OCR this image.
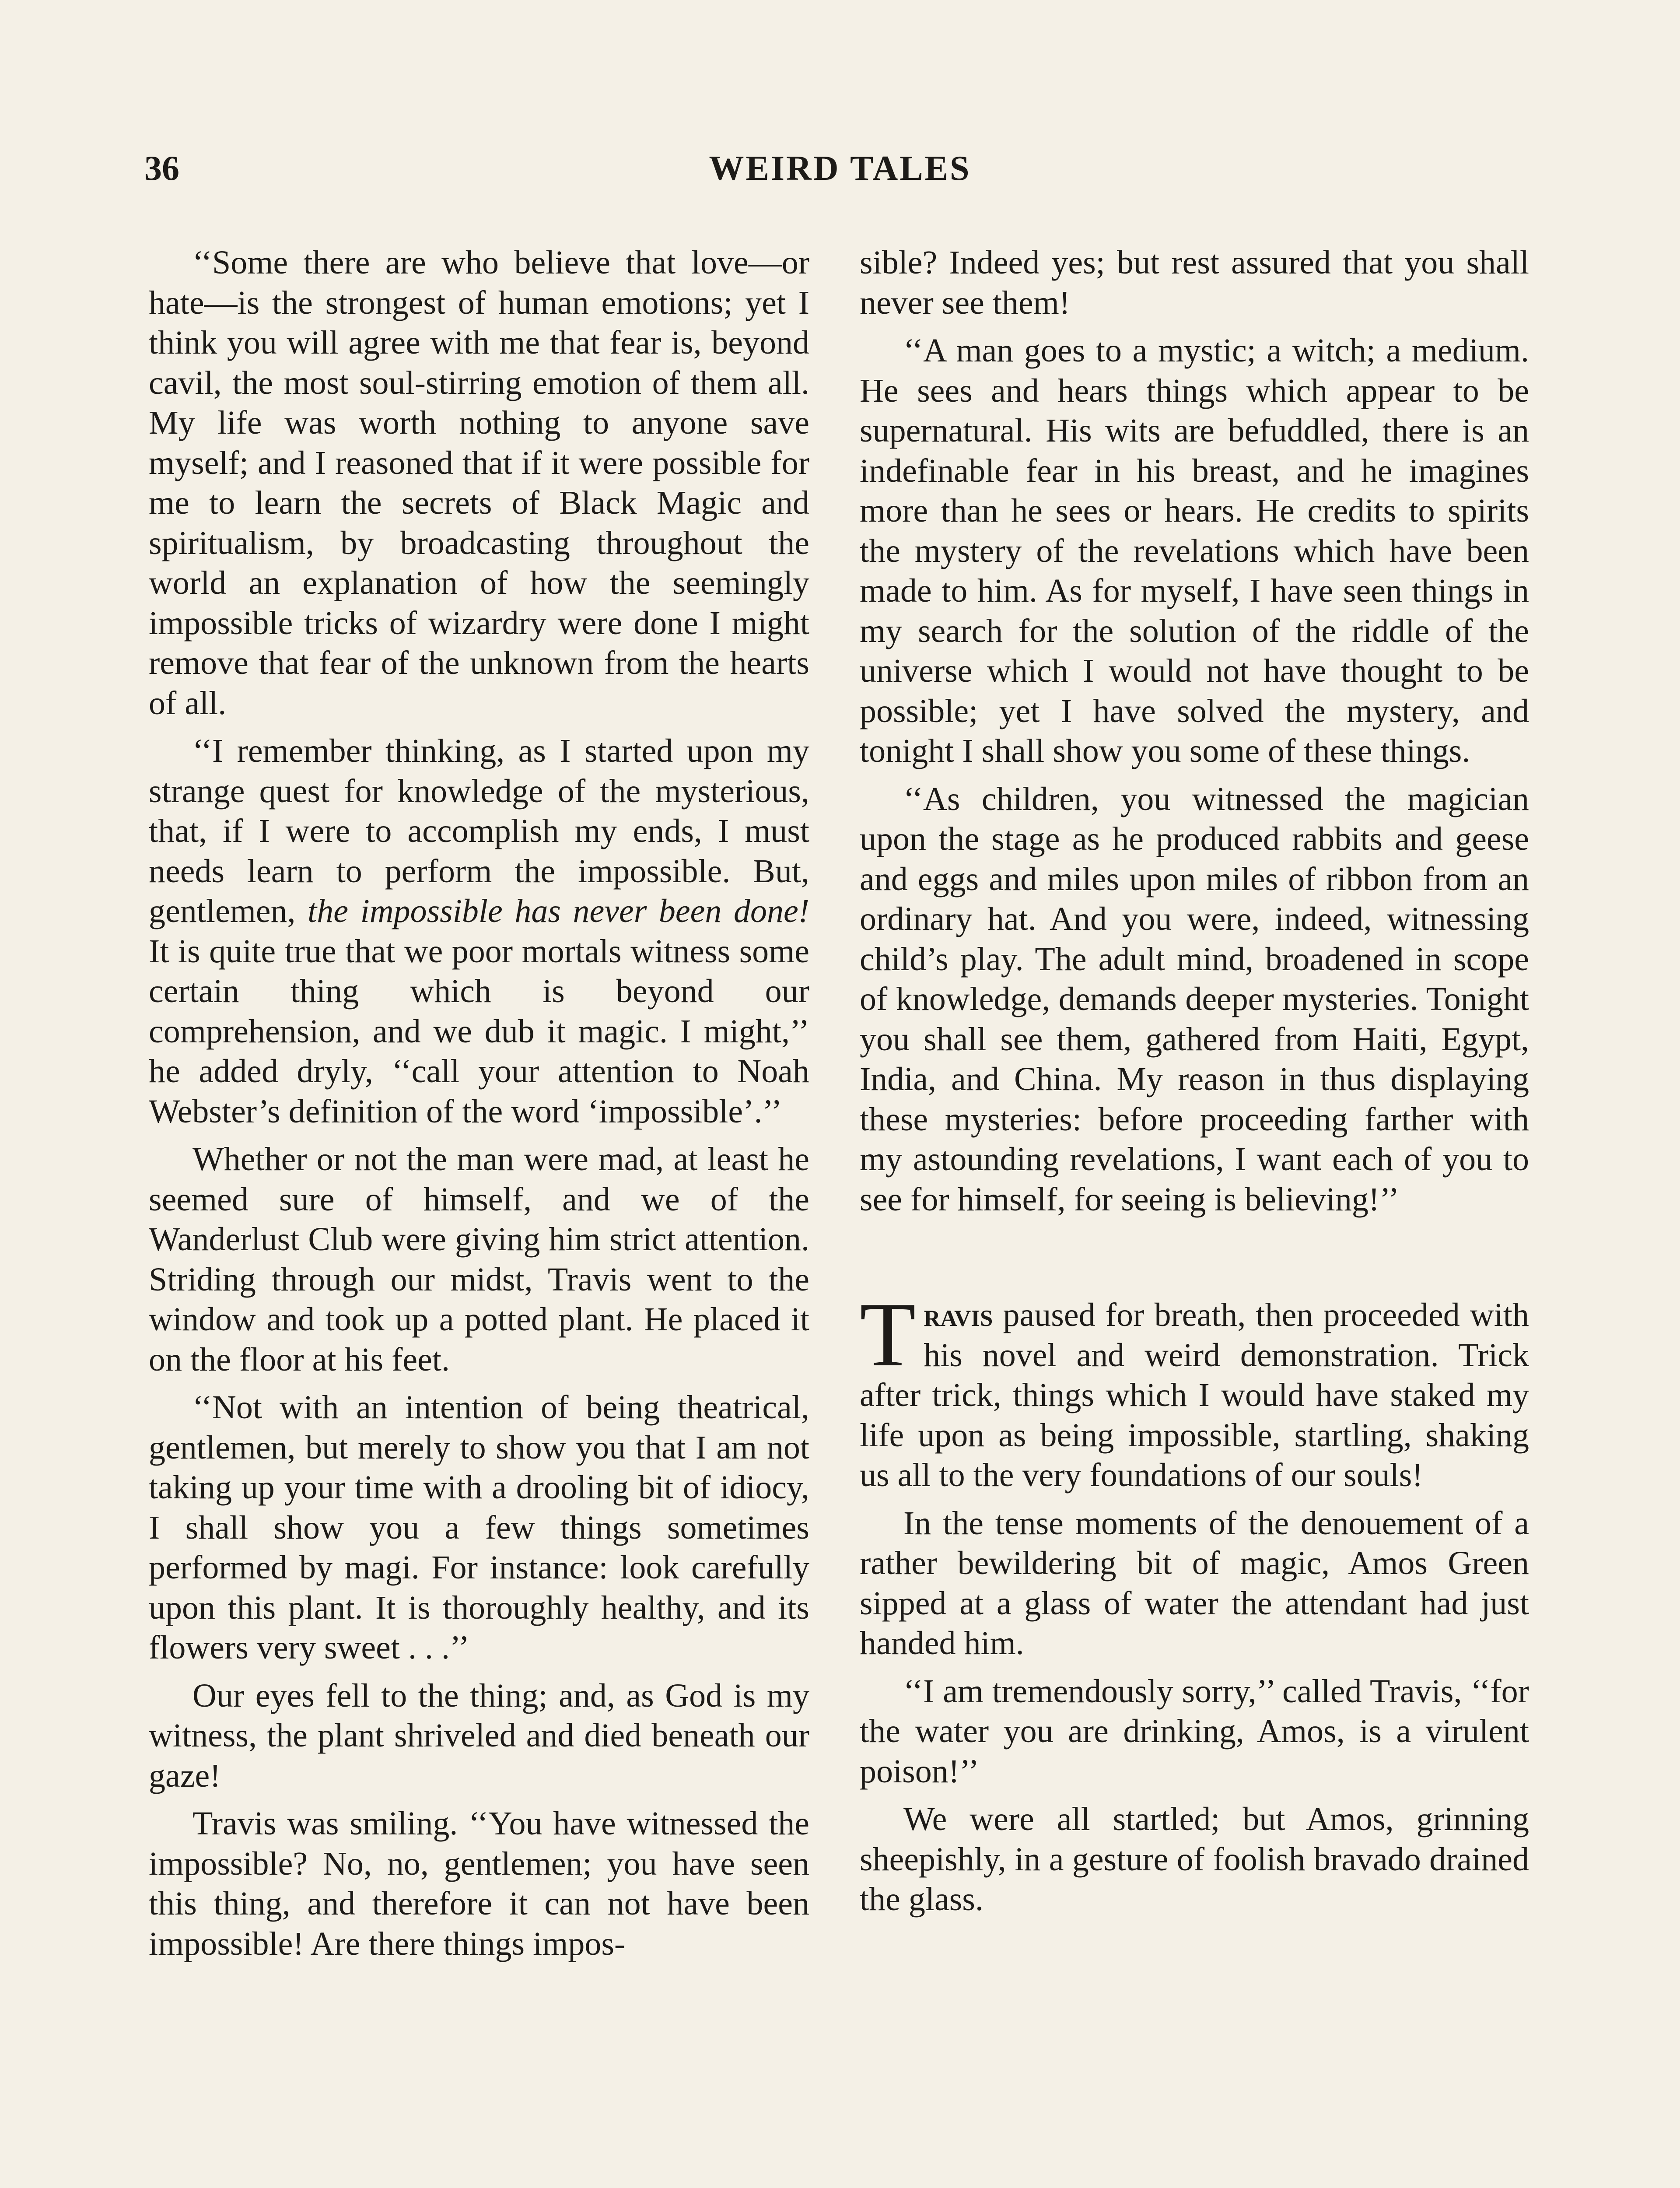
36	WEIRD TALES

‘‘Some there are who believe that love—or hate—is the strongest of human emotions; yet I think you will agree with me that fear is, beyond cavil, the most soul-stirring emotion of them all. My life was worth nothing to anyone save myself; and I reasoned that if it were possible for me to learn the secrets of Black Magic and spiritualism, by broadcasting throughout the world an explanation of how the seemingly impossible tricks of wizardry were done I might remove that fear of the unknown from the hearts of all.

‘‘I remember thinking, as I started upon my strange quest for knowledge of the mysterious, that, if I were to accomplish my ends, I must needs learn to perform the impossible. But, gentlemen, the impossible has never been done! It is quite true that we poor mortals witness some certain thing which is beyond our comprehension, and we dub it magic. I might,’’ he added dryly, ‘‘call your attention to Noah Webster’s definition of the word ‘impossible’.’’

Whether or not the man were mad, at least he seemed sure of himself, and we of the Wanderlust Club were giving him strict attention. Striding through our midst, Travis went to the window and took up a potted plant. He placed it on the floor at his feet.

‘‘Not with an intention of being theatrical, gentlemen, but merely to show you that I am not taking up your time with a drooling bit of idiocy, I shall show you a few things sometimes performed by magi. For instance: look carefully upon this plant. It is thoroughly healthy, and its flowers very sweet . . .’’

Our eyes fell to the thing; and, as God is my witness, the plant shriveled and died beneath our gaze!

Travis was smiling. ‘‘You have witnessed the impossible? No, no, gentlemen; you have seen this thing, and therefore it can not have been impossible! Are there things impos-

sible? Indeed yes; but rest assured that you shall never see them!

‘‘A man goes to a mystic; a witch; a medium. He sees and hears things which appear to be supernatural. His wits are befuddled, there is an indefinable fear in his breast, and he imagines more than he sees or hears. He credits to spirits the mystery of the revelations which have been made to him. As for myself, I have seen things in my search for the solution of the riddle of the universe which I would not have thought to be possible; yet I have solved the mystery, and tonight I shall show you some of these things.

‘‘As children, you witnessed the magician upon the stage as he produced rabbits and geese and eggs and miles upon miles of ribbon from an ordinary hat. And you were, indeed, witnessing child’s play. The adult mind, broadened in scope of knowledge, demands deeper mysteries. Tonight you shall see them, gathered from Haiti, Egypt, India, and China. My reason in thus displaying these mysteries: before proceeding farther with my astounding revelations, I want each of you to see for himself, for seeing is believing!’’

Travis paused for breath, then proceeded with his novel and weird demonstration. Trick after trick, things which I would have staked my life upon as being impossible, startling, shaking us all to the very foundations of our souls!

In the tense moments of the denouement of a rather bewildering bit of magic, Amos Green sipped at a glass of water the attendant had just handed him.

‘‘I am tremendously sorry,’’ called Travis, ‘‘for the water you are drinking, Amos, is a virulent poison!’’

We were all startled; but Amos, grinning sheepishly, in a gesture of foolish bravado drained the glass.
